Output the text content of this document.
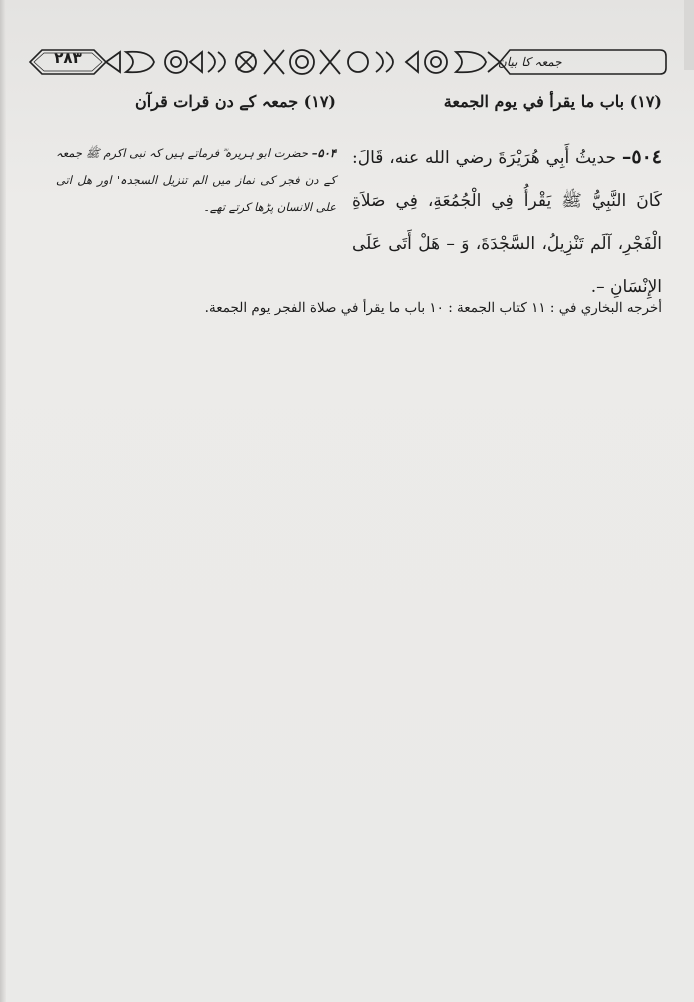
۲۸۳	جمعہ کا بیان
(١٧) باب ما يقرأ في يوم الجمعة
(۱۷) جمعہ کے دن قرات قرآن
٥٠٤– حديثُ أَبِي هُرَيْرَةَ رضي الله عنه، قَالَ: كَانَ النَّبِيُّ ﷺ يَقْرأُ فِي الْجُمُعَةِ، فِي صَلاَةِ الْفَجْرِ، آلَم تَنْزِيلُ، السَّجْدَةَ، وَ – هَلْ أَتَى عَلَى الإِنْسَانِ –.
۵۰۴– حضرت ابو ہریرہ ؓ فرماتے ہیں کہ نبی اکرم ﷺ جمعہ کے دن فجر کی نماز میں الم تنزیل السجدہ' اور هل اتی علی الانسان پڑھا کرتے تھے۔
أخرجه البخاري في : ١١ كتاب الجمعة : ١٠ باب ما يقرأ في صلاة الفجر يوم الجمعة.
